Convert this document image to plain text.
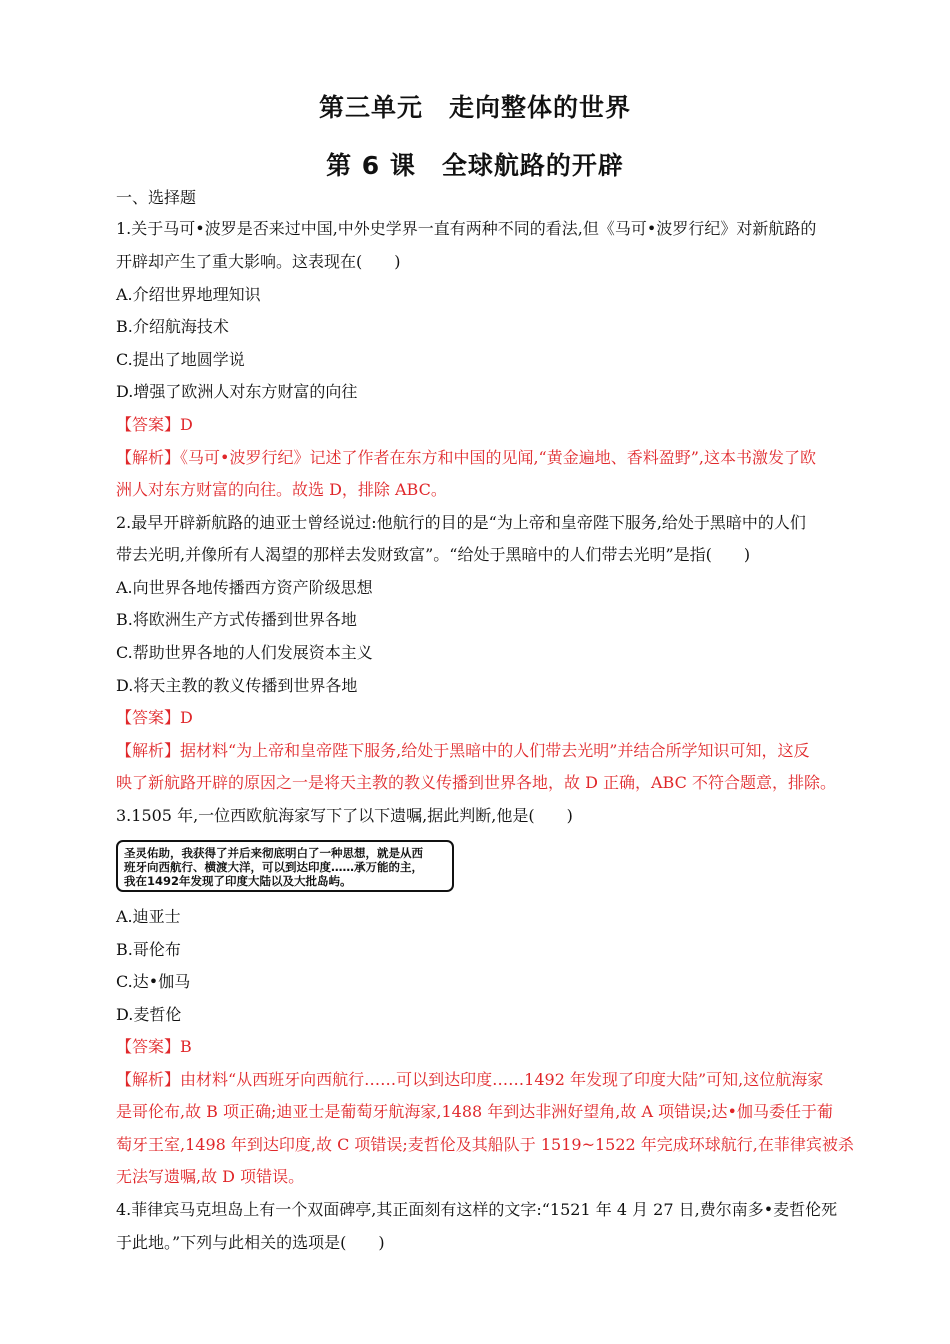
第三单元　走向整体的世界
第 6 课　全球航路的开辟
一、选择题
1.关于马可•波罗是否来过中国,中外史学界一直有两种不同的看法,但《马可•波罗行纪》对新航路的
开辟却产生了重大影响。这表现在(　　)
A.介绍世界地理知识
B.介绍航海技术
C.提出了地圆学说
D.增强了欧洲人对东方财富的向往
【答案】D
【解析】《马可•波罗行纪》记述了作者在东方和中国的见闻,“黄金遍地、香料盈野”,这本书激发了欧
洲人对东方财富的向往。故选 D，排除 ABC。
2.最早开辟新航路的迪亚士曾经说过:他航行的目的是“为上帝和皇帝陛下服务,给处于黑暗中的人们
带去光明,并像所有人渴望的那样去发财致富”。“给处于黑暗中的人们带去光明”是指(　　)
A.向世界各地传播西方资产阶级思想
B.将欧洲生产方式传播到世界各地
C.帮助世界各地的人们发展资本主义
D.将天主教的教义传播到世界各地
【答案】D
【解析】据材料“为上帝和皇帝陛下服务,给处于黑暗中的人们带去光明”并结合所学知识可知，这反
映了新航路开辟的原因之一是将天主教的教义传播到世界各地，故 D 正确，ABC 不符合题意，排除。
3.1505 年,一位西欧航海家写下了以下遗嘱,据此判断,他是(　　)
圣灵佑助，我获得了并后来彻底明白了一种思想，就是从西
班牙向西航行、横渡大洋，可以到达印度……承万能的主，
我在1492年发现了印度大陆以及大批岛屿。
A.迪亚士
B.哥伦布
C.达•伽马
D.麦哲伦
【答案】B
【解析】由材料“从西班牙向西航行……可以到达印度……1492 年发现了印度大陆”可知,这位航海家
是哥伦布,故 B 项正确;迪亚士是葡萄牙航海家,1488 年到达非洲好望角,故 A 项错误;达•伽马委任于葡
萄牙王室,1498 年到达印度,故 C 项错误;麦哲伦及其船队于 1519~1522 年完成环球航行,在菲律宾被杀
无法写遗嘱,故 D 项错误。
4.菲律宾马克坦岛上有一个双面碑亭,其正面刻有这样的文字:“1521 年 4 月 27 日,费尔南多•麦哲伦死
于此地。”下列与此相关的选项是(　　)
